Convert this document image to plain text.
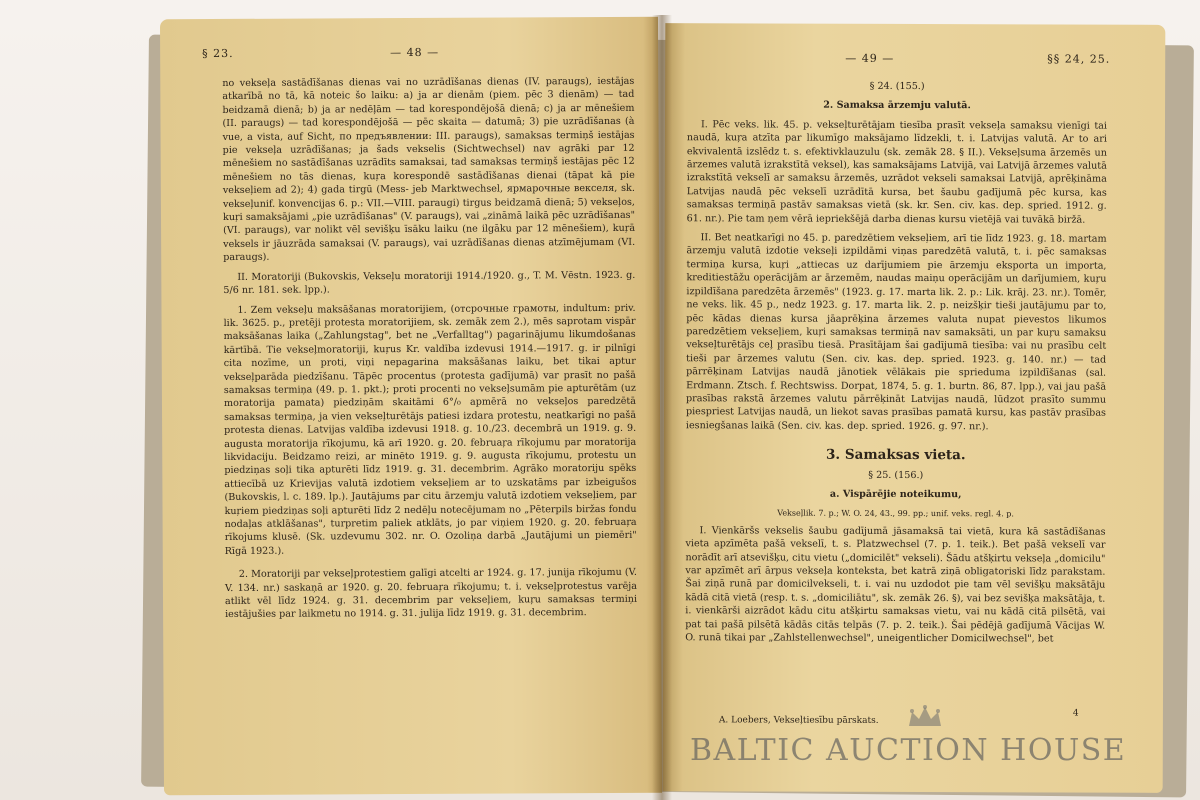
§ 23.	— 48 —

no vekseļa sastādīšanas dienas vai no uzrādīšanas dienas (IV. paraugs), iestājas atkarībā no tā, kā noteic šo laiku: a) ja ar dienām (piem. pēc 3 dienām) — tad beidzamā dienā; b) ja ar nedēļām — tad korespondējošā dienā; c) ja ar mēnešiem (II. paraugs) — tad korespondējošā — pēc skaita — datumā; 3) pie uzrādīšanas (à vue, a vista, auf Sicht, по предъявлении: III. paraugs), samaksas termiņš iestājas pie vekseļa uzrādīšanas; ja šads vekselis (Sichtwechsel) nav agrāki par 12 mēnešiem no sastādīšanas uzrādīts samaksai, tad samaksas termiņš iestājas pēc 12 mēnešiem no tās dienas, kuŗa korespondē sastādīšanas dienai (tāpat kā pie vekseļiem ad 2); 4) gada tirgū (Mess- jeb Marktwechsel, ярмарочные векселя, sk. vekseļunif. konvencijas 6. p.: VII.—VIII. paraugi) tirgus beidzamā dienā; 5) vekseļos, kuŗi samaksājami „pie uzrādīšanas" (V. paraugs), vai „zināmā laikā pēc uzrādīšanas" (VI. paraugs), var nolikt vēl sevišķu īsāku laiku (ne ilgāku par 12 mēnešiem), kuŗā veksels ir jāuzrāda samaksai (V. paraugs), vai uzrādīšanas dienas atzīmējumam (VI. paraugs).

II. Moratoriji (Bukovskis, Vekseļu moratoriji 1914./1920. g., T. M. Vēstn. 1923. g. 5/6 nr. 181. sek. lpp.).

1. Zem vekseļu maksāšanas moratorijiem, (отсрочные грамоты, indultum: priv. lik. 3625. p., pretēji protesta moratorijiem, sk. zemāk zem 2.), mēs saprotam vispār maksāšanas laika („Zahlungstag", bet ne „Verfalltag") pagarinājumu likumdošanas kārtībā. Tie vekseļmoratoriji, kuŗus Kr. valdība izdevusi 1914.—1917. g. ir pilnīgi cita nozīme, un proti, viņi nepagarina maksāšanas laiku, bet tikai aptur vekseļparāda piedzīšanu. Tāpēc procentus (protesta gadījumā) var prasīt no pašā samaksas termiņa (49. p. 1. pkt.); proti procenti no vekseļsumām pie apturētām (uz moratorija pamata) piedziņām skaitāmi 6°/₀ apmērā no vekseļos paredzētā samaksas termiņa, ja vien vekseļturētājs patiesi izdara protestu, neatkarīgi no pašā protesta dienas. Latvijas valdība izdevusi 1918. g. 10./23. decembrā un 1919. g. 9. augusta moratorija rīkojumu, kā arī 1920. g. 20. februaŗa rīkojumu par moratorija likvidaciju. Beidzamo reizi, ar minēto 1919. g. 9. augusta rīkojumu, protestu un piedziņas soļi tika apturēti līdz 1919. g. 31. decembrim. Agrāko moratoriju spēks attiecībā uz Krievijas valutā izdotiem vekseļiem ar to uzskatāms par izbeigušos (Bukovskis, l. c. 189. lp.). Jautājums par citu ārzemju valutā izdotiem vekseļiem, par kuŗiem piedziņas soļi apturēti līdz 2 nedēļu notecējumam no „Pēterpils biržas fondu nodaļas atklāšanas", turpretim paliek atklāts, jo par viņiem 1920. g. 20. februaŗa rīkojums klusē. (Sk. uzdevumu 302. nr. O. Ozoliņa darbā „Jautājumi un piemēri" Rīgā 1923.).

2. Moratoriji par vekseļprotestiem galīgi atcelti ar 1924. g. 17. junija rīkojumu (V. V. 134. nr.) saskaņā ar 1920. g. 20. februaŗa rīkojumu; t. i. vekseļprotestus varēja atlikt vēl līdz 1924. g. 31. decembrim par vekseļiem, kuŗu samaksas termiņi iestājušies par laikmetu no 1914. g. 31. julija līdz 1919. g. 31. decembrim.

— 49 —	§§ 24, 25.

§ 24. (155.)

2. Samaksa ārzemju valutā.

I. Pēc veks. lik. 45. p. vekseļturētājam tiesība prasīt vekseļa samaksu vienīgi tai naudā, kuŗa atzīta par likumīgo maksājamo līdzekli, t. i. Latvijas valutā. Ar to ari ekvivalentā izslēdz t. s. efektivklauzulu (sk. zemāk 28. § II.). Vekseļsuma ārzemēs un ārzemes valutā izrakstītā veksel), kas samaksājams Latvijā, vai Latvijā ārzemes valutā izrakstītā vekselī ar samaksu ārzemēs, uzrādot vekseli samaksai Latvijā, aprēķināma Latvijas naudā pēc vekselī uzrādītā kursa, bet šaubu gadījumā pēc kursa, kas samaksas termiņā pastāv samaksas vietā (sk. kr. Sen. civ. kas. dep. spried. 1912. g. 61. nr.). Pie tam ņem vērā iepriekšējā darba dienas kursu vietējā vai tuvākā biržā.

II. Bet neatkarīgi no 45. p. paredzētiem vekseļiem, arī tie līdz 1923. g. 18. martam ārzemju valutā izdotie vekseļi izpildāmi viņas paredzētā valutā, t. i. pēc samaksas termiņa kursa, kuŗi „attiecas uz darījumiem pie ārzemju eksporta un importa, kreditiestāžu operācijām ar ārzemēm, naudas maiņu operācijām un darījumiem, kuŗu izpildīšana paredzēta ārzemēs" (1923. g. 17. marta lik. 2. p.: Lik. krāj. 23. nr.). Tomēr, ne veks. lik. 45 p., nedz 1923. g. 17. marta lik. 2. p. neizšķir tieši jautājumu par to, pēc kādas dienas kursa jāaprēķina ārzemes valuta nupat pievestos likumos paredzētiem vekseļiem, kuŗi samaksas termiņā nav samaksāti, un par kuŗu samaksu vekseļturētājs ceļ prasību tiesā. Prasītājam šai gadījumā tiesība: vai nu prasību celt tieši par ārzemes valutu (Sen. civ. kas. dep. spried. 1923. g. 140. nr.) — tad pārrēķinam Latvijas naudā jānotiek vēlākais pie sprieduma izpildīšanas (sal. Erdmann. Ztsch. f. Rechtswiss. Dorpat, 1874, 5. g. 1. burtn. 86, 87. lpp.), vai jau pašā prasības rakstā ārzemes valutu pārrēķināt Latvijas naudā, lūdzot prasīto summu piespriest Latvijas naudā, un liekot savas prasības pamatā kursu, kas pastāv prasības iesniegšanas laikā (Sen. civ. kas. dep. spried. 1926. g. 97. nr.).

3. Samaksas vieta.

§ 25. (156.)

a. Vispārējie noteikumu,

Vekseļlik. 7. p.; W. O. 24, 43., 99. pp.; unif. veks. regl. 4. p.

I. Vienkāršs vekselis šaubu gadījumā jāsamaksā tai vietā, kura kā sastādīšanas vieta apzīmēta pašā vekselī, t. s. Platzwechsel (7. p. 1. teik.). Bet pašā vekselī var norādīt arī atsevišķu, citu vietu („domicilēt" vekseli). Šādu atšķirtu vekseļa „domicilu" var apzīmēt arī ārpus vekseļa konteksta, bet katrā ziņā obligatoriski līdz parakstam. Šai ziņā runā par domicilvekseli, t. i. vai nu uzdodot pie tam vēl sevišķu maksātāju kādā citā vietā (resp. t. s. „domiciliātu", sk. zemāk 26. §), vai bez sevišķa maksātāja, t. i. vienkārši aizrādot kādu citu atšķirtu samaksas vietu, vai nu kādā citā pilsētā, vai pat tai pašā pilsētā kādās citās telpās (7. p. 2. teik.). Šai pēdējā gadījumā Vācijas W. O. runā tikai par „Zahlstellenwechsel", uneigentlicher Domicilwechsel", bet

A. Loebers, Vekseļtiesību pārskats.
4
BALTIC AUCTION HOUSE
